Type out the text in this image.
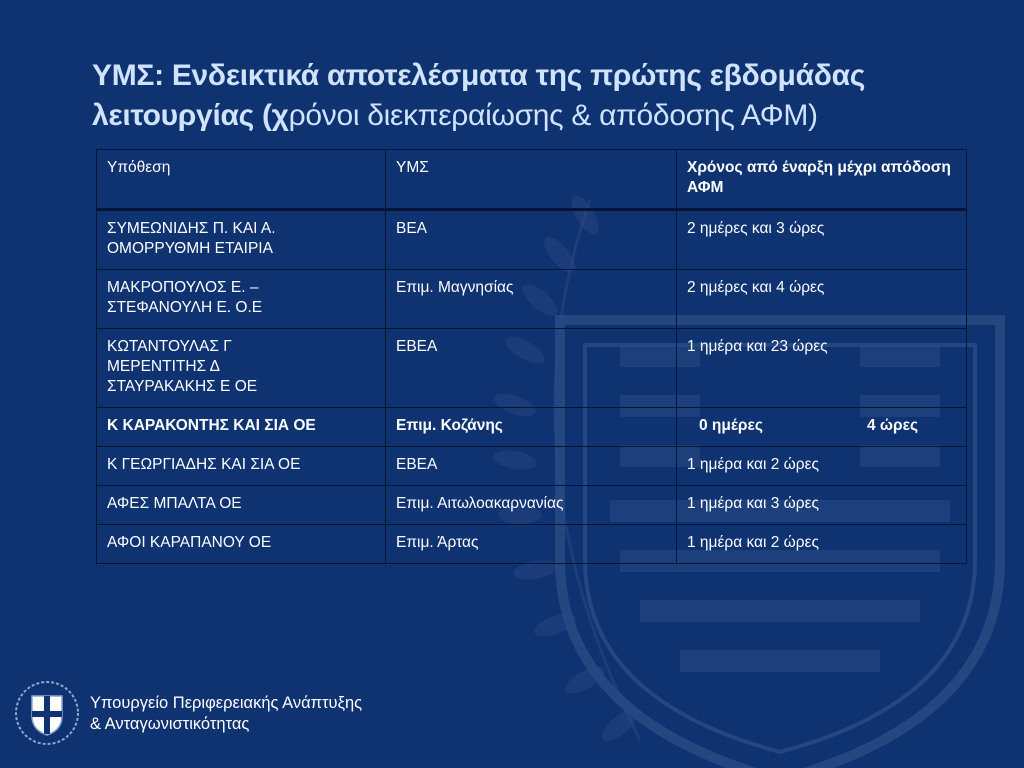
ΥΜΣ: Ενδεικτικά αποτελέσματα της πρώτης εβδομάδας λειτουργίας (χρόνοι διεκπεραίωσης & απόδοσης ΑΦΜ)
Υπόθεση	ΥΜΣ	Χρόνος από έναρξη μέχρι απόδοση ΑΦΜ
ΣΥΜΕΩΝΙΔΗΣ Π. ΚΑΙ Α.
ΟΜΟΡΡΥΘΜΗ ΕΤΑΙΡΙΑ	ΒΕΑ	2 ημέρες και 3 ώρες
ΜΑΚΡΟΠΟΥΛΟΣ Ε. –
ΣΤΕΦΑΝΟΥΛΗ Ε. Ο.Ε	Επιμ. Μαγνησίας	2 ημέρες και 4 ώρες
ΚΩΤΑΝΤΟΥΛΑΣ Γ
ΜΕΡΕΝΤΙΤΗΣ Δ
ΣΤΑΥΡΑΚΑΚΗΣ Ε ΟΕ	ΕΒΕΑ	1 ημέρα και 23 ώρες
Κ ΚΑΡΑΚΟΝΤΗΣ ΚΑΙ ΣΙΑ ΟΕ	Επιμ. Κοζάνης	0 ημέρες 4 ώρες
Κ ΓΕΩΡΓΙΑΔΗΣ ΚΑΙ ΣΙΑ ΟΕ	ΕΒΕΑ	1 ημέρα και 2 ώρες
ΑΦΕΣ ΜΠΑΛΤΑ ΟΕ	Επιμ. Αιτωλοακαρνανίας	1 ημέρα και 3 ώρες
ΑΦΟΙ ΚΑΡΑΠΑΝΟΥ ΟΕ	Επιμ. Άρτας	1 ημέρα και 2 ώρες
Υπουργείο Περιφερειακής Ανάπτυξης
& Ανταγωνιστικότητας
